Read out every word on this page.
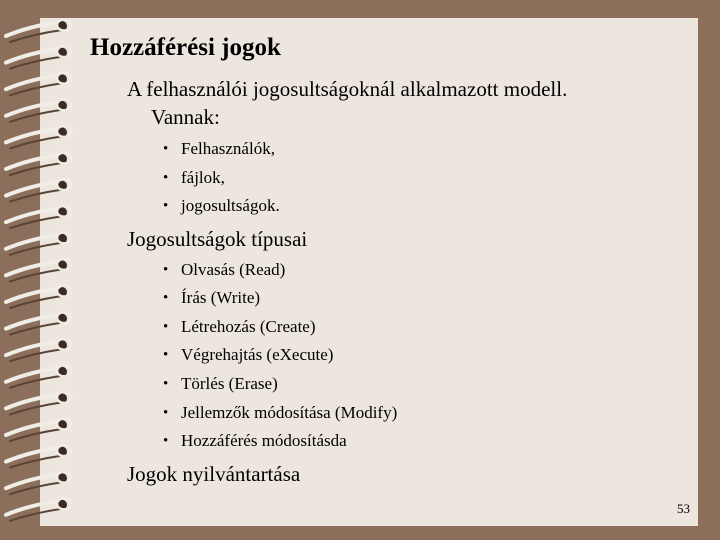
Hozzáférési jogok
A felhasználói jogosultságoknál alkalmazott modell.
Vannak:
• Felhasználók,
• fájlok,
• jogosultságok.
Jogosultságok típusai
• Olvasás (Read)
• Írás (Write)
• Létrehozás (Create)
• Végrehajtás (eXecute)
• Törlés (Erase)
• Jellemzők módosítása (Modify)
• Hozzáférés módosításda
Jogok nyilvántartása
53
